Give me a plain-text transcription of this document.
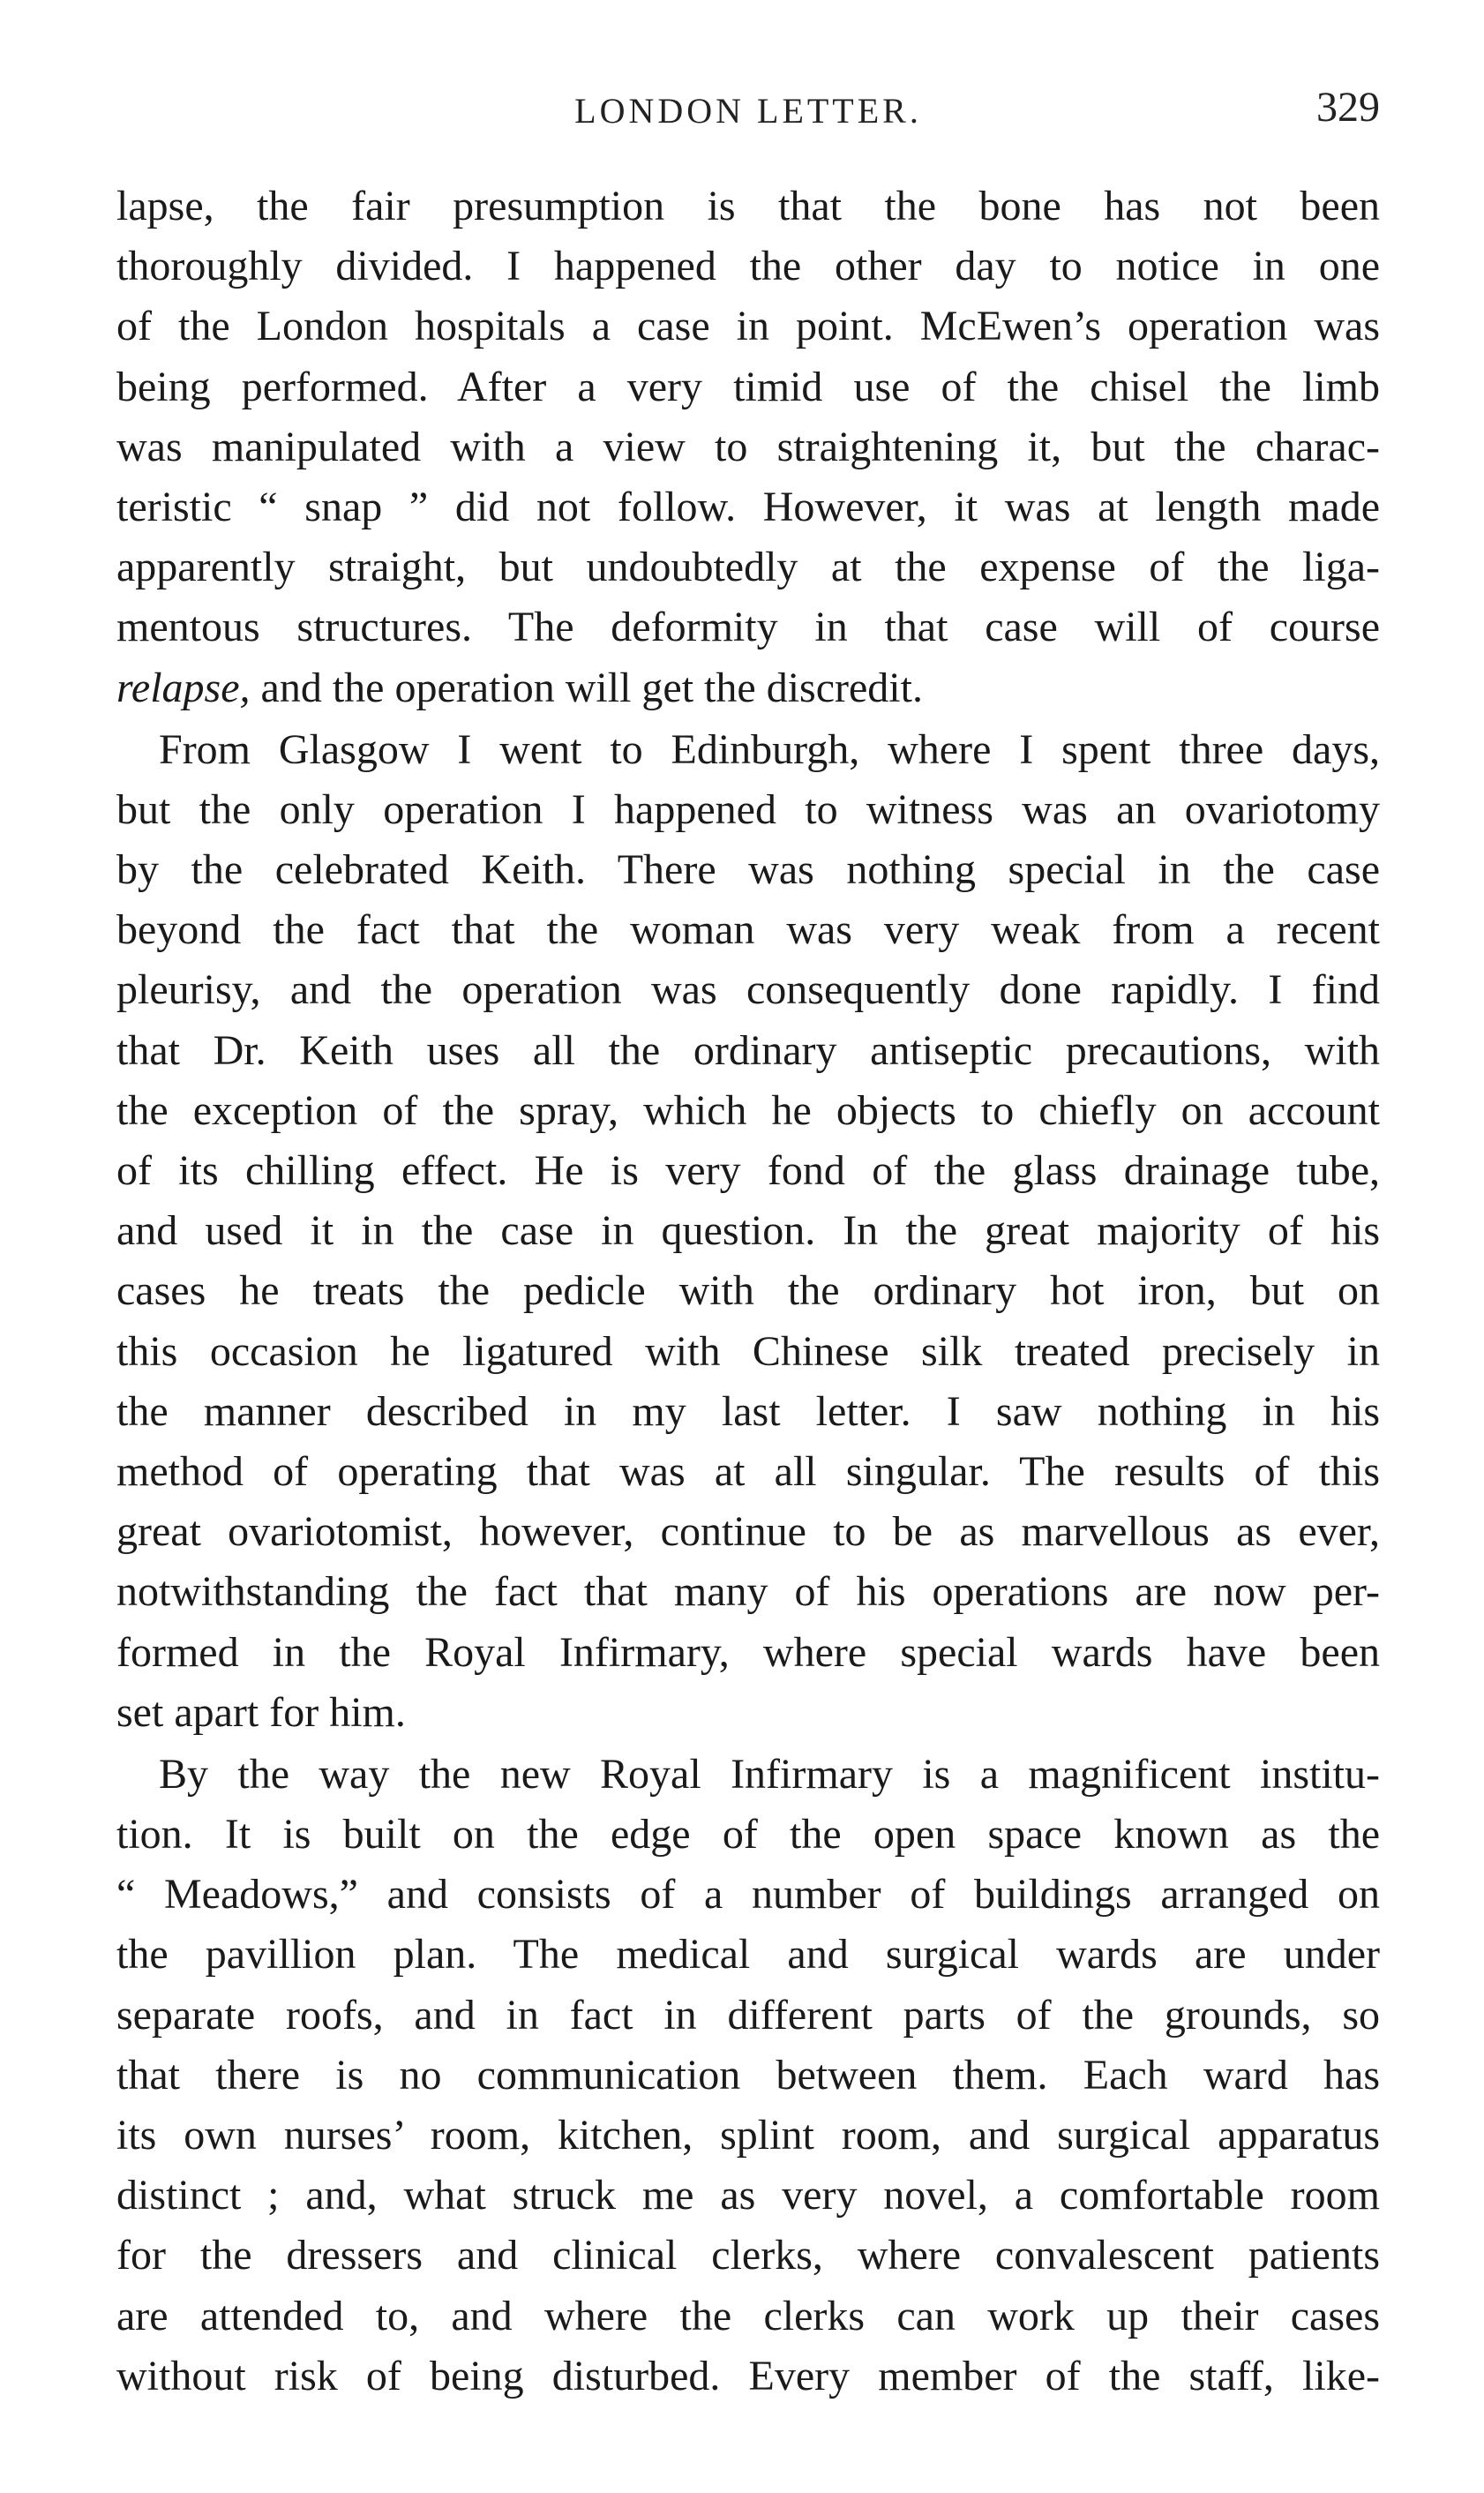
LONDON LETTER.	329
lapse, the fair presumption is that the bone has not been
thoroughly divided. I happened the other day to notice in one
of the London hospitals a case in point. McEwen’s operation was
being performed. After a very timid use of the chisel the limb
was manipulated with a view to straightening it, but the charac-
teristic “ snap ” did not follow. However, it was at length made
apparently straight, but undoubtedly at the expense of the liga-
mentous structures. The deformity in that case will of course
relapse, and the operation will get the discredit.
From Glasgow I went to Edinburgh, where I spent three days,
but the only operation I happened to witness was an ovariotomy
by the celebrated Keith. There was nothing special in the case
beyond the fact that the woman was very weak from a recent
pleurisy, and the operation was consequently done rapidly. I find
that Dr. Keith uses all the ordinary antiseptic precautions, with
the exception of the spray, which he objects to chiefly on account
of its chilling effect. He is very fond of the glass drainage tube,
and used it in the case in question. In the great majority of his
cases he treats the pedicle with the ordinary hot iron, but on
this occasion he ligatured with Chinese silk treated precisely in
the manner described in my last letter. I saw nothing in his
method of operating that was at all singular. The results of this
great ovariotomist, however, continue to be as marvellous as ever,
notwithstanding the fact that many of his operations are now per-
formed in the Royal Infirmary, where special wards have been
set apart for him.
By the way the new Royal Infirmary is a magnificent institu-
tion. It is built on the edge of the open space known as the
“ Meadows,” and consists of a number of buildings arranged on
the pavillion plan. The medical and surgical wards are under
separate roofs, and in fact in different parts of the grounds, so
that there is no communication between them. Each ward has
its own nurses’ room, kitchen, splint room, and surgical apparatus
distinct ; and, what struck me as very novel, a comfortable room
for the dressers and clinical clerks, where convalescent patients
are attended to, and where the clerks can work up their cases
without risk of being disturbed. Every member of the staff, like-
